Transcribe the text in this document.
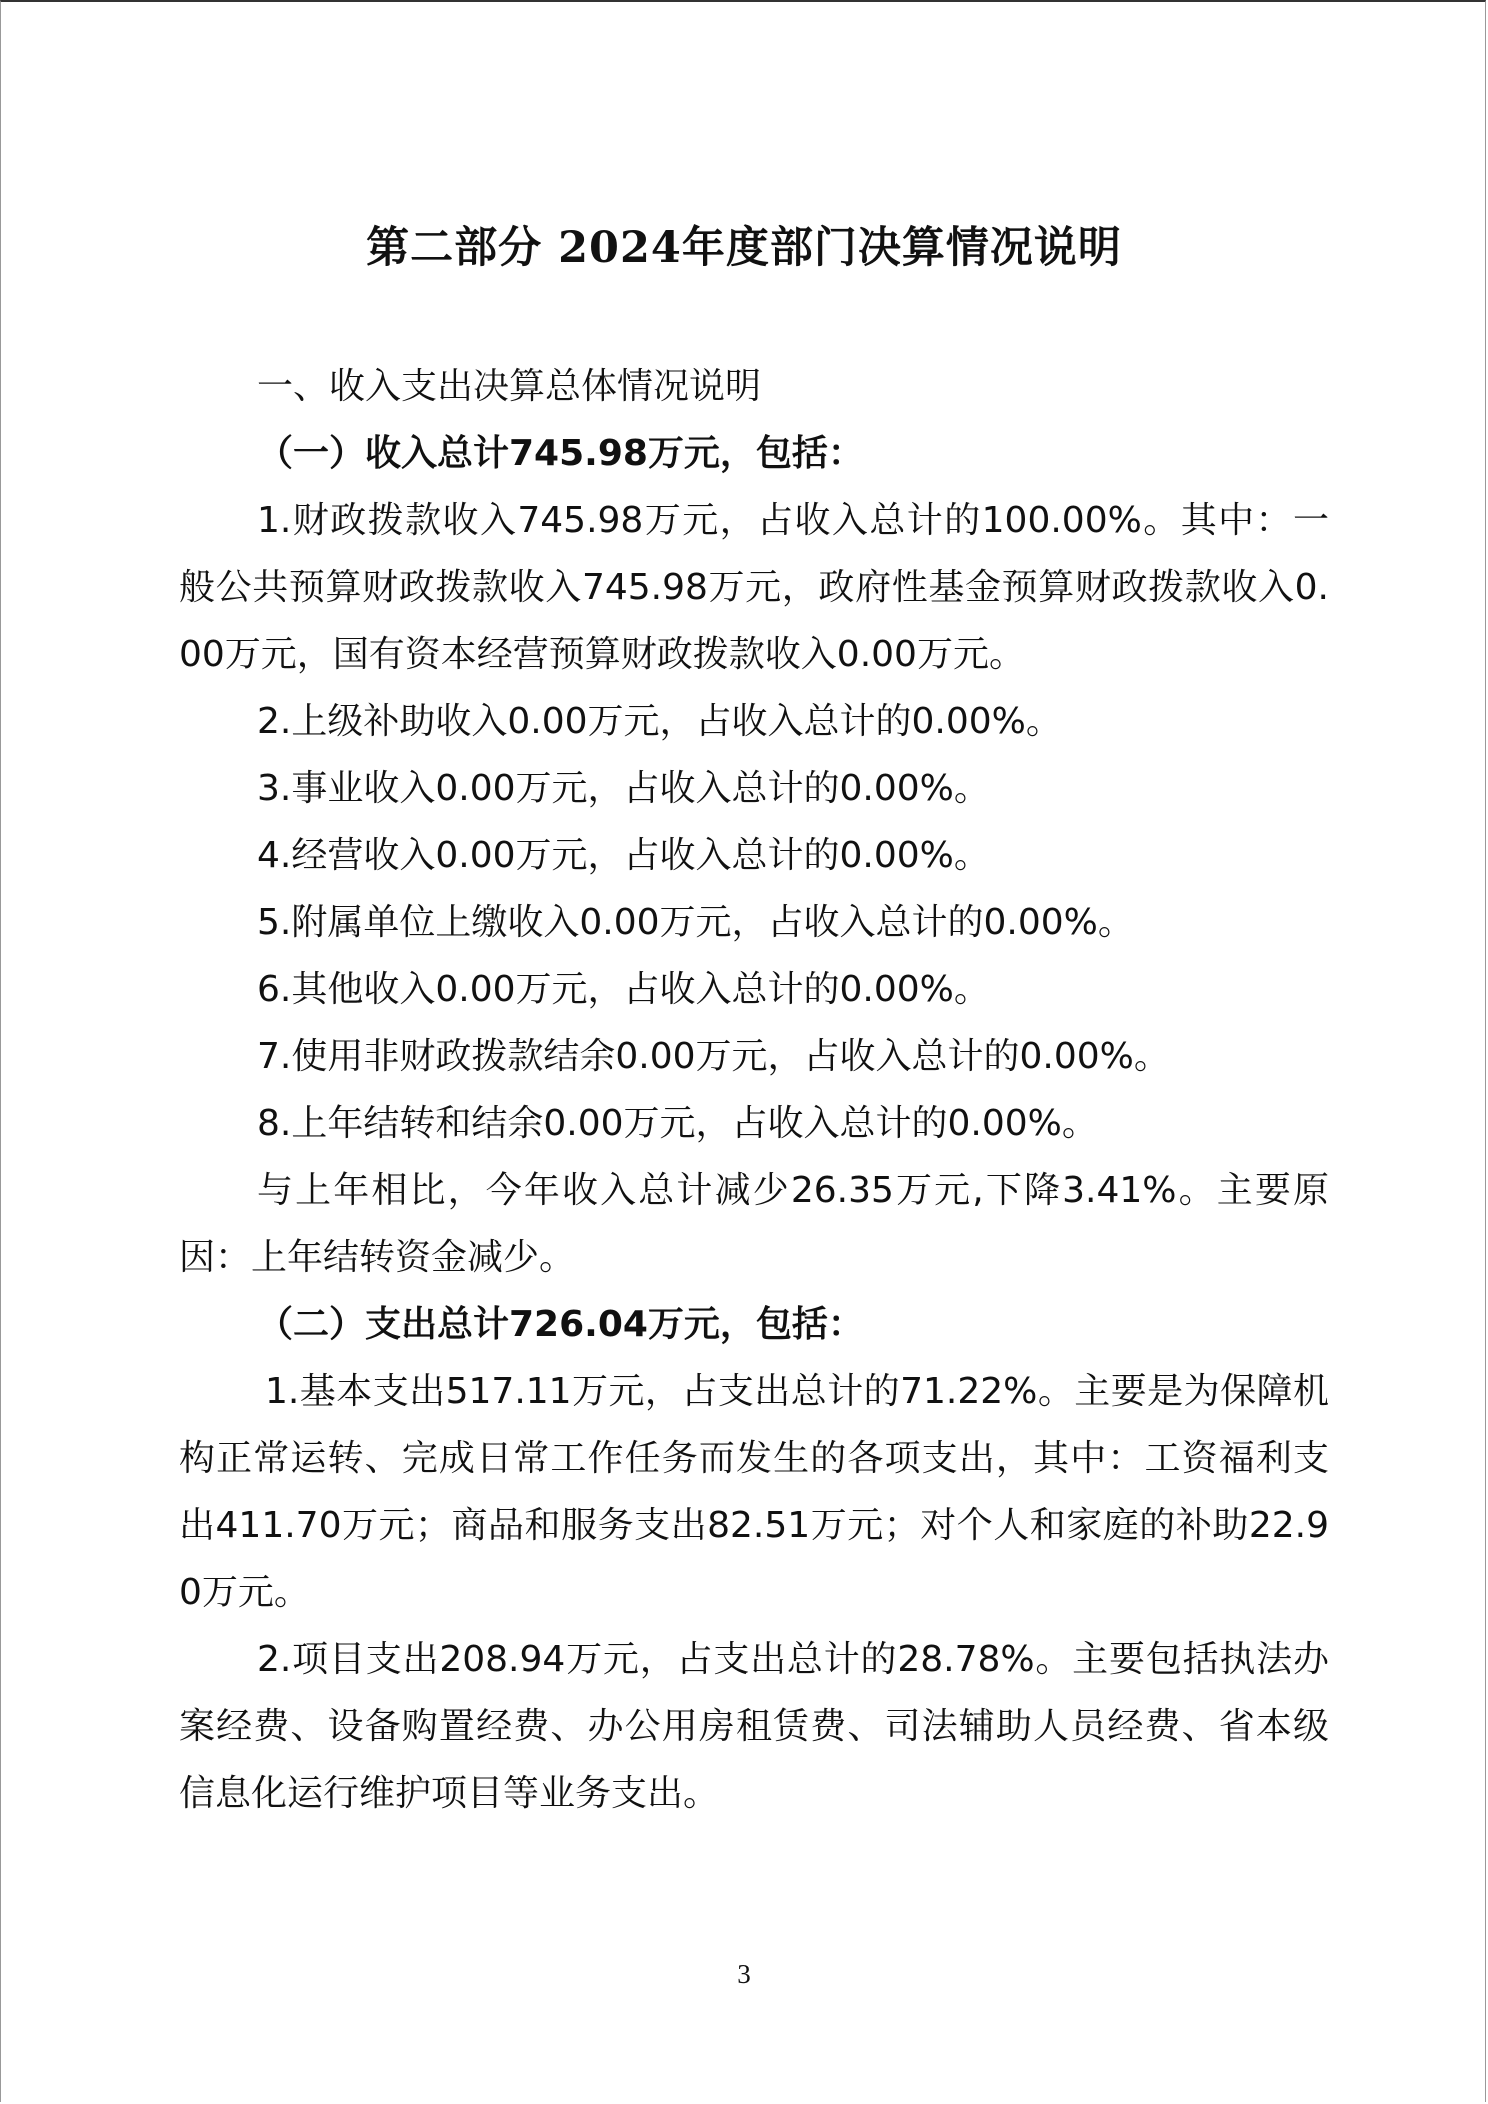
第二部分 2024年度部门决算情况说明

一、收入支出决算总体情况说明

（一）收入总计745.98万元，包括：

1.财政拨款收入745.98万元，占收入总计的100.00%。其中：一般公共预算财政拨款收入745.98万元，政府性基金预算财政拨款收入0.00万元，国有资本经营预算财政拨款收入0.00万元。

2.上级补助收入0.00万元，占收入总计的0.00%。

3.事业收入0.00万元，占收入总计的0.00%。

4.经营收入0.00万元，占收入总计的0.00%。

5.附属单位上缴收入0.00万元，占收入总计的0.00%。

6.其他收入0.00万元，占收入总计的0.00%。

7.使用非财政拨款结余0.00万元，占收入总计的0.00%。

8.上年结转和结余0.00万元，占收入总计的0.00%。

与上年相比，今年收入总计减少26.35万元,下降3.41%。主要原因：上年结转资金减少。

（二）支出总计726.04万元，包括：

1.基本支出517.11万元，占支出总计的71.22%。主要是为保障机构正常运转、完成日常工作任务而发生的各项支出，其中：工资福利支出411.70万元；商品和服务支出82.51万元；对个人和家庭的补助22.90万元。

2.项目支出208.94万元，占支出总计的28.78%。主要包括执法办案经费、设备购置经费、办公用房租赁费、司法辅助人员经费、省本级信息化运行维护项目等业务支出。

3
